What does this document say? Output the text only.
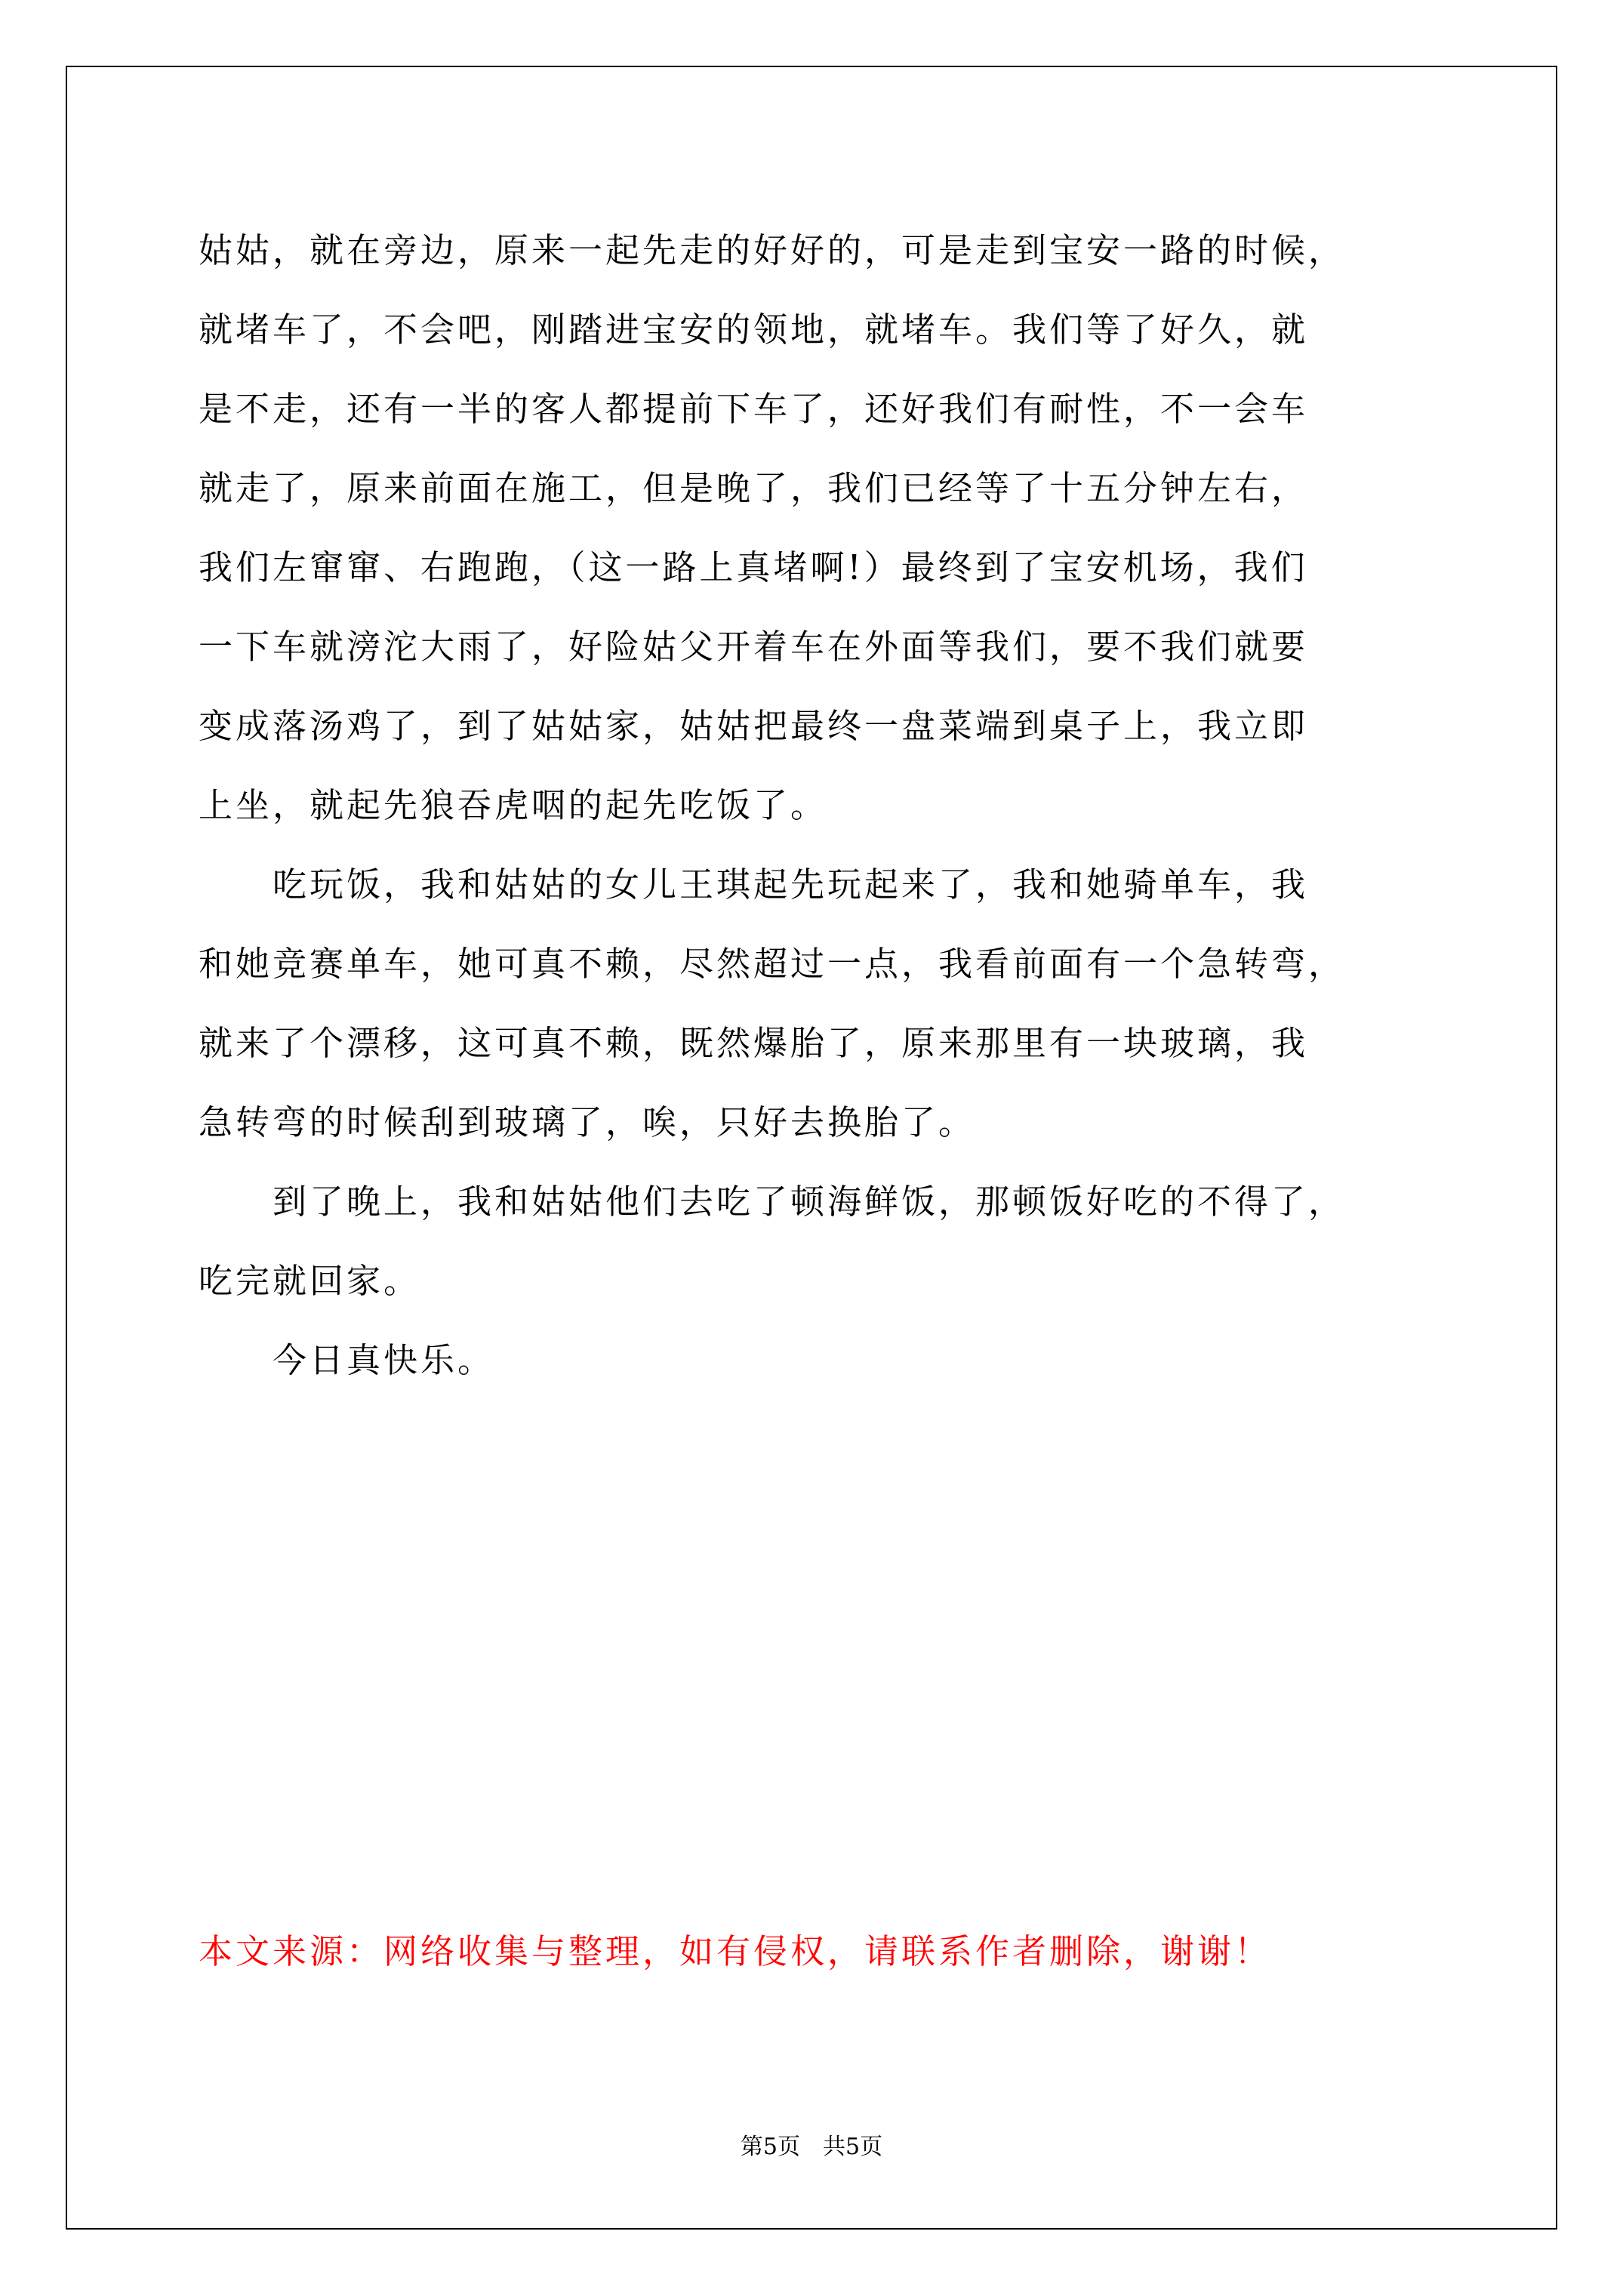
姑姑，就在旁边，原来一起先走的好好的，可是走到宝安一路的时候，
就堵车了，不会吧，刚踏进宝安的领地，就堵车。我们等了好久，就
是不走，还有一半的客人都提前下车了，还好我们有耐性，不一会车
就走了，原来前面在施工，但是晚了，我们已经等了十五分钟左右，
我们左窜窜、右跑跑，（这一路上真堵啊!）最终到了宝安机场，我们
一下车就滂沱大雨了，好险姑父开着车在外面等我们，要不我们就要
变成落汤鸡了，到了姑姑家，姑姑把最终一盘菜端到桌子上，我立即
上坐，就起先狼吞虎咽的起先吃饭了。
　　吃玩饭，我和姑姑的女儿王琪起先玩起来了，我和她骑单车，我
和她竞赛单车，她可真不赖，尽然超过一点，我看前面有一个急转弯，
就来了个漂移，这可真不赖，既然爆胎了，原来那里有一块玻璃，我
急转弯的时候刮到玻璃了，唉，只好去换胎了。
　　到了晚上，我和姑姑他们去吃了顿海鲜饭，那顿饭好吃的不得了，
吃完就回家。
　　今日真快乐。
本文来源：网络收集与整理，如有侵权，请联系作者删除，谢谢！
第5页　共5页
